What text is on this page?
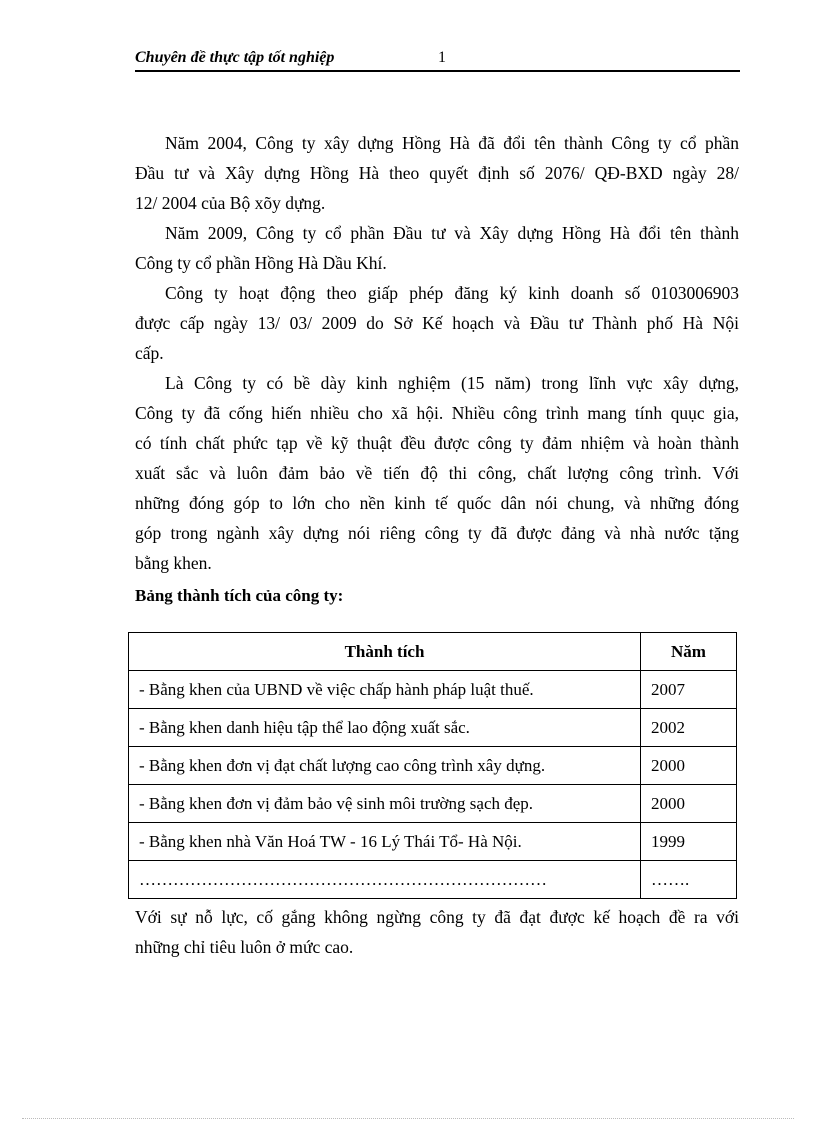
Chuyên đề thực tập tốt nghiệp	1
Năm 2004, Công ty xây dựng Hồng Hà đã đổi tên thành Công ty cổ phần
Đầu tư và Xây dựng Hồng Hà theo quyết định số 2076/ QĐ-BXD ngày 28/
12/ 2004 của Bộ xõy dựng.
Năm 2009, Công ty cổ phần Đầu tư và Xây dựng Hồng Hà đổi tên thành
Công ty cổ phần Hồng Hà Dầu Khí.
Công ty hoạt động theo giấp phép đăng ký kinh doanh số 0103006903
được cấp ngày 13/ 03/ 2009 do Sở Kế hoạch và Đầu tư Thành phố Hà Nội
cấp.
Là Công ty có bề dày kinh nghiệm (15 năm) trong lĩnh vực xây dựng,
Công ty đã cống hiến nhiều cho xã hội. Nhiều công trình mang tính quục gia,
có tính chất phức tạp về kỹ thuật đều được công ty đảm nhiệm và hoàn thành
xuất sắc và luôn đảm bảo về tiến độ thi công, chất lượng công trình. Với
những đóng góp to lớn cho nền kinh tế quốc dân nói chung, và những đóng
góp trong ngành xây dựng nói riêng công ty đã được đảng và nhà nước tặng
bằng khen.

Bảng thành tích của công ty:

Thành tích	Năm
- Bằng khen của UBND về việc chấp hành pháp luật thuế.	2007
- Bằng khen danh hiệu tập thể lao động xuất sắc.	2002
- Bằng khen đơn vị đạt chất lượng cao công trình xây dựng.	2000
- Bằng khen đơn vị đảm bảo vệ sinh môi trường sạch đẹp.	2000
- Bằng khen nhà Văn Hoá TW - 16 Lý Thái Tổ- Hà Nội.	1999
………………………………………………………………	…….
Với sự nỗ lực, cố gắng không ngừng công ty đã đạt được kế hoạch đề ra với
những chỉ tiêu luôn ở mức cao.
